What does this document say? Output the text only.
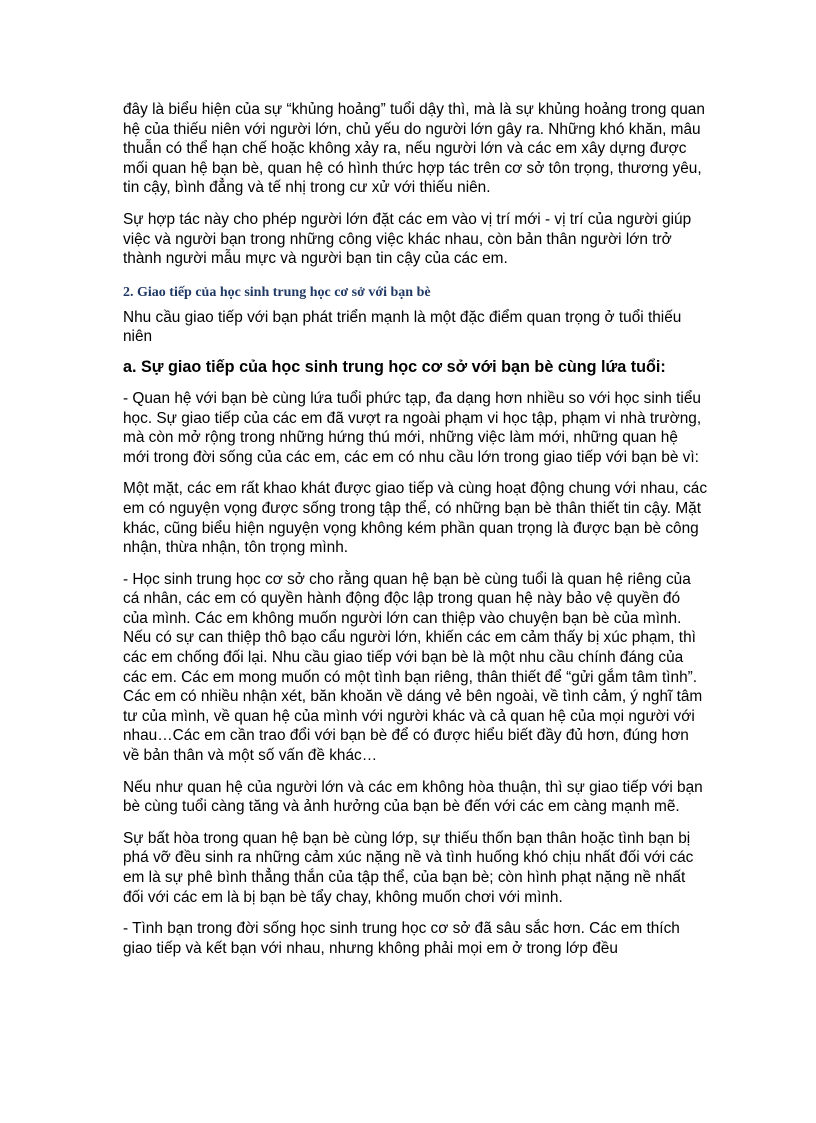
đây là biểu hiện của sự “khủng hoảng” tuổi dậy thì, mà là sự khủng hoảng trong quan hệ của thiếu niên với người lớn, chủ yếu do người lớn gây ra. Những khó khăn, mâu thuẫn có thể hạn chế hoặc không xảy ra, nếu người lớn và các em xây dựng được mối quan hệ bạn bè, quan hệ có hình thức hợp tác trên cơ sở tôn trọng, thương yêu, tin cậy, bình đẳng và tế nhị trong cư xử với thiếu niên.

Sự hợp tác này cho phép người lớn đặt các em vào vị trí mới - vị trí của người giúp việc và người bạn trong những công việc khác nhau, còn bản thân người lớn trở thành người mẫu mực và người bạn tin cậy của các em.

2. Giao tiếp của học sinh trung học cơ sở với bạn bè

Nhu cầu giao tiếp với bạn phát triển mạnh là một đặc điểm quan trọng ở tuổi thiếu niên

a. Sự giao tiếp của học sinh trung học cơ sở với bạn bè cùng lứa tuổi:

- Quan hệ với bạn bè cùng lứa tuổi phức tạp, đa dạng hơn nhiều so với học sinh tiểu học. Sự giao tiếp của các em đã vượt ra ngoài phạm vi học tập, phạm vi nhà trường, mà còn mở rộng trong những hứng thú mới, những việc làm mới, những quan hệ mới trong đời sống của các em, các em có nhu cầu lớn trong giao tiếp với bạn bè vì:

Một mặt, các em rất khao khát được giao tiếp và cùng hoạt động chung với nhau, các em có nguyện vọng được sống trong tập thể, có những bạn bè thân thiết tin cậy. Mặt khác, cũng biểu hiện nguyện vọng không kém phần quan trọng là được bạn bè công nhận, thừa nhận, tôn trọng mình.

- Học sinh trung học cơ sở cho rằng quan hệ bạn bè cùng tuổi là quan hệ riêng của cá nhân, các em có quyền hành động độc lập trong quan hệ này bảo vệ quyền đó của mình. Các em không muốn người lớn can thiệp vào chuyện bạn bè của mình. Nếu có sự can thiệp thô bạo cẩu người lớn, khiến các em cảm thấy bị xúc phạm, thì các em chống đối lại. Nhu cầu giao tiếp với bạn bè là một nhu cầu chính đáng của các em. Các em mong muốn có một tình bạn riêng, thân thiết để “gửi gắm tâm tình”. Các em có nhiều nhận xét, băn khoăn về dáng vẻ bên ngoài, về tình cảm, ý nghĩ tâm tư của mình, về quan hệ của mình với người khác và cả quan hệ của mọi người với nhau…Các em cần trao đổi với bạn bè để có được hiểu biết đầy đủ hơn, đúng hơn về bản thân và một số vấn đề khác…

Nếu như quan hệ của người lớn và các em không hòa thuận, thì sự giao tiếp với bạn bè cùng tuổi càng tăng và ảnh hưởng của bạn bè đến với các em càng mạnh mẽ.

Sự bất hòa trong quan hệ bạn bè cùng lớp, sự thiếu thốn bạn thân hoặc tình bạn bị phá vỡ đều sinh ra những cảm xúc nặng nề và tình huống khó chịu nhất đối với các em là sự phê bình thẳng thắn của tập thể, của bạn bè; còn hình phạt nặng nề nhất đối với các em là bị bạn bè tẩy chay, không muốn chơi với mình.

- Tình bạn trong đời sống học sinh trung học cơ sở đã sâu sắc hơn. Các em thích giao tiếp và kết bạn với nhau, nhưng không phải mọi em ở trong lớp đều
